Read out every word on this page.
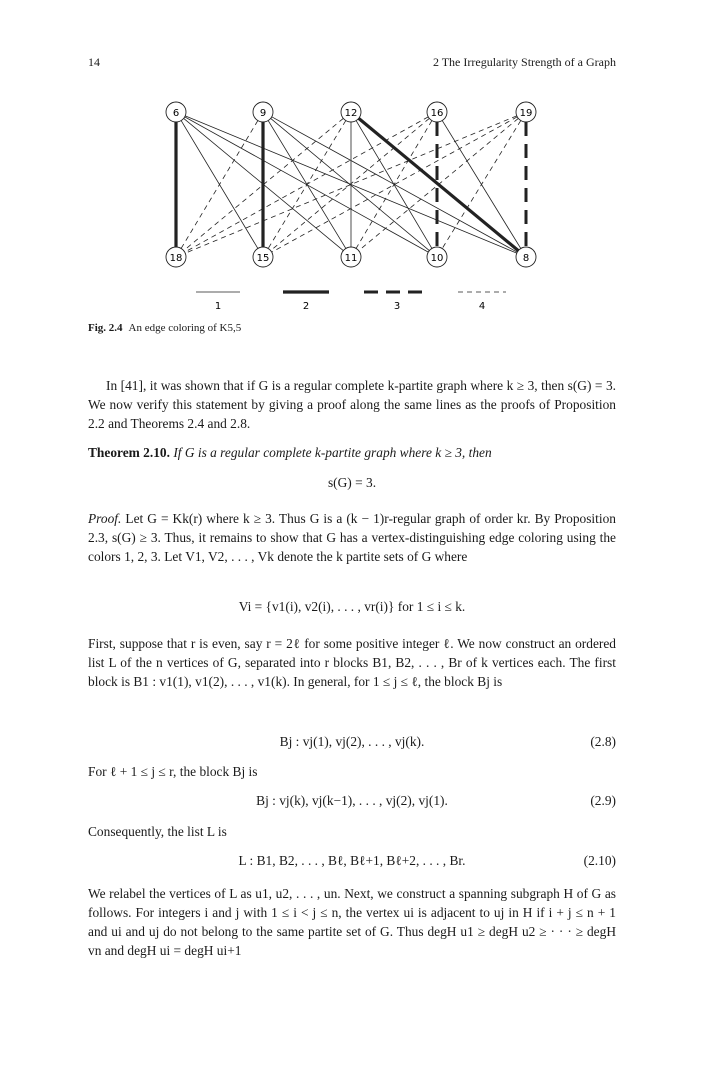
14	2 The Irregularity Strength of a Graph
6	9	12	16	19
18	15	11	10	8
1	2	3	4
Fig. 2.4 An edge coloring of K5,5
In [41], it was shown that if G is a regular complete k-partite graph where k ≥ 3, then s(G) = 3. We now verify this statement by giving a proof along the same lines as the proofs of Proposition 2.2 and Theorems 2.4 and 2.8.
Theorem 2.10. If G is a regular complete k-partite graph where k ≥ 3, then
s(G) = 3.
Proof. Let G = Kk(r) where k ≥ 3. Thus G is a (k − 1)r-regular graph of order kr. By Proposition 2.3, s(G) ≥ 3. Thus, it remains to show that G has a vertex-distinguishing edge coloring using the colors 1, 2, 3. Let V1, V2, . . . , Vk denote the k partite sets of G where
Vi = {v1(i), v2(i), . . . , vr(i)} for 1 ≤ i ≤ k.
First, suppose that r is even, say r = 2ℓ for some positive integer ℓ. We now construct an ordered list L of the n vertices of G, separated into r blocks B1, B2, . . . , Br of k vertices each. The first block is B1 : v1(1), v1(2), . . . , v1(k). In general, for 1 ≤ j ≤ ℓ, the block Bj is
Bj : vj(1), vj(2), . . . , vj(k).	(2.8)
For ℓ + 1 ≤ j ≤ r, the block Bj is
Bj : vj(k), vj(k−1), . . . , vj(2), vj(1).	(2.9)
Consequently, the list L is
L : B1, B2, . . . , Bℓ, Bℓ+1, Bℓ+2, . . . , Br.	(2.10)
We relabel the vertices of L as u1, u2, . . . , un. Next, we construct a spanning subgraph H of G as follows. For integers i and j with 1 ≤ i < j ≤ n, the vertex ui is adjacent to uj in H if i + j ≤ n + 1 and ui and uj do not belong to the same partite set of G. Thus degH u1 ≥ degH u2 ≥ · · · ≥ degH vn and degH ui = degH ui+1
